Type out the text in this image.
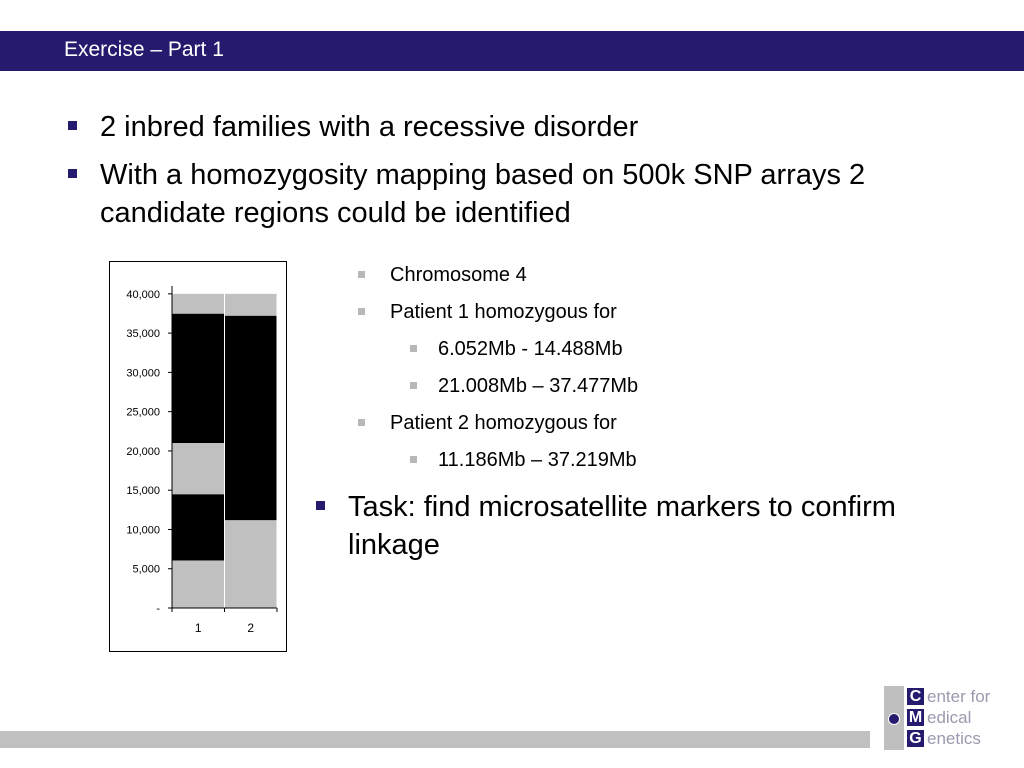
Exercise – Part 1
2 inbred families with a recessive disorder
With a homozygosity mapping based on 500k SNP arrays 2 candidate regions could be identified
-
5,000
10,000
15,000
20,000
25,000
30,000
35,000
40,000
1	2
Chromosome 4
Patient 1 homozygous for
6.052Mb - 14.488Mb
21.008Mb – 37.477Mb
Patient 2 homozygous for
11.186Mb – 37.219Mb
Task: find microsatellite markers to confirm linkage
C
M
G
enter for
edical
enetics
